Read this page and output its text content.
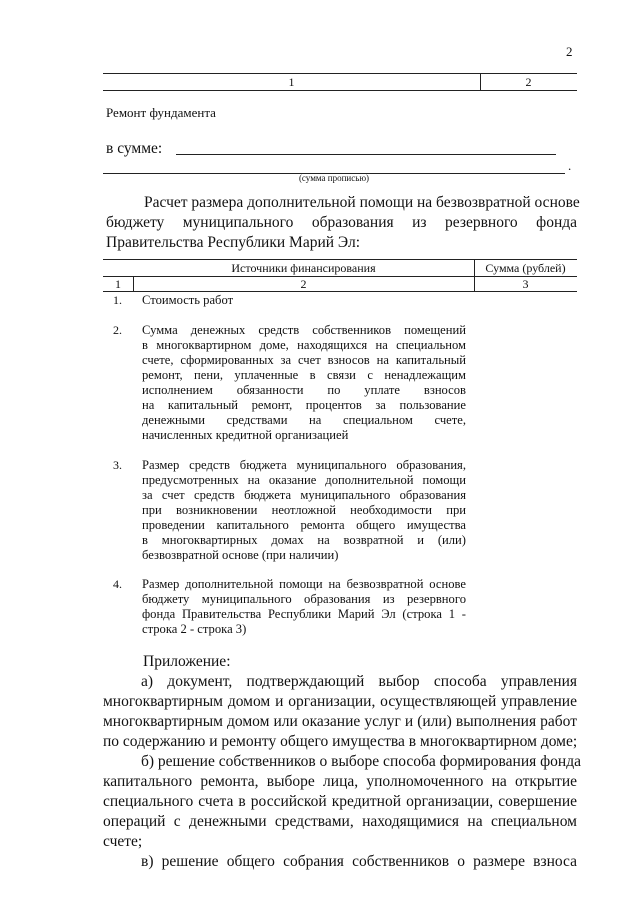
2
1	2
Ремонт фундамента
в сумме:
.
(сумма прописью)
Расчет размера дополнительной помощи на безвозвратной основе
бюджету муниципального образования из резервного фонда
Правительства Республики Марий Эл:
Источники финансирования	Сумма (рублей)
1	2	3
1. Стоимость работ
2. Сумма денежных средств собственников помещений
в многоквартирном доме, находящихся на специальном
счете, сформированных за счет взносов на капитальный
ремонт, пени, уплаченные в связи с ненадлежащим
исполнением обязанности по уплате взносов
на капитальный ремонт, процентов за пользование
денежными средствами на специальном счете,
начисленных кредитной организацией
3. Размер средств бюджета муниципального образования,
предусмотренных на оказание дополнительной помощи
за счет средств бюджета муниципального образования
при возникновении неотложной необходимости при
проведении капитального ремонта общего имущества
в многоквартирных домах на возвратной и (или)
безвозвратной основе (при наличии)
4. Размер дополнительной помощи на безвозвратной основе
бюджету муниципального образования из резервного
фонда Правительства Республики Марий Эл (строка 1 -
строка 2 - строка 3)
Приложение:
а) документ, подтверждающий выбор способа управления
многоквартирным домом и организации, осуществляющей управление
многоквартирным домом или оказание услуг и (или) выполнения работ
по содержанию и ремонту общего имущества в многоквартирном доме;
б) решение собственников о выборе способа формирования фонда
капитального ремонта, выборе лица, уполномоченного на открытие
специального счета в российской кредитной организации, совершение
операций с денежными средствами, находящимися на специальном
счете;
в) решение общего собрания собственников о размере взноса
